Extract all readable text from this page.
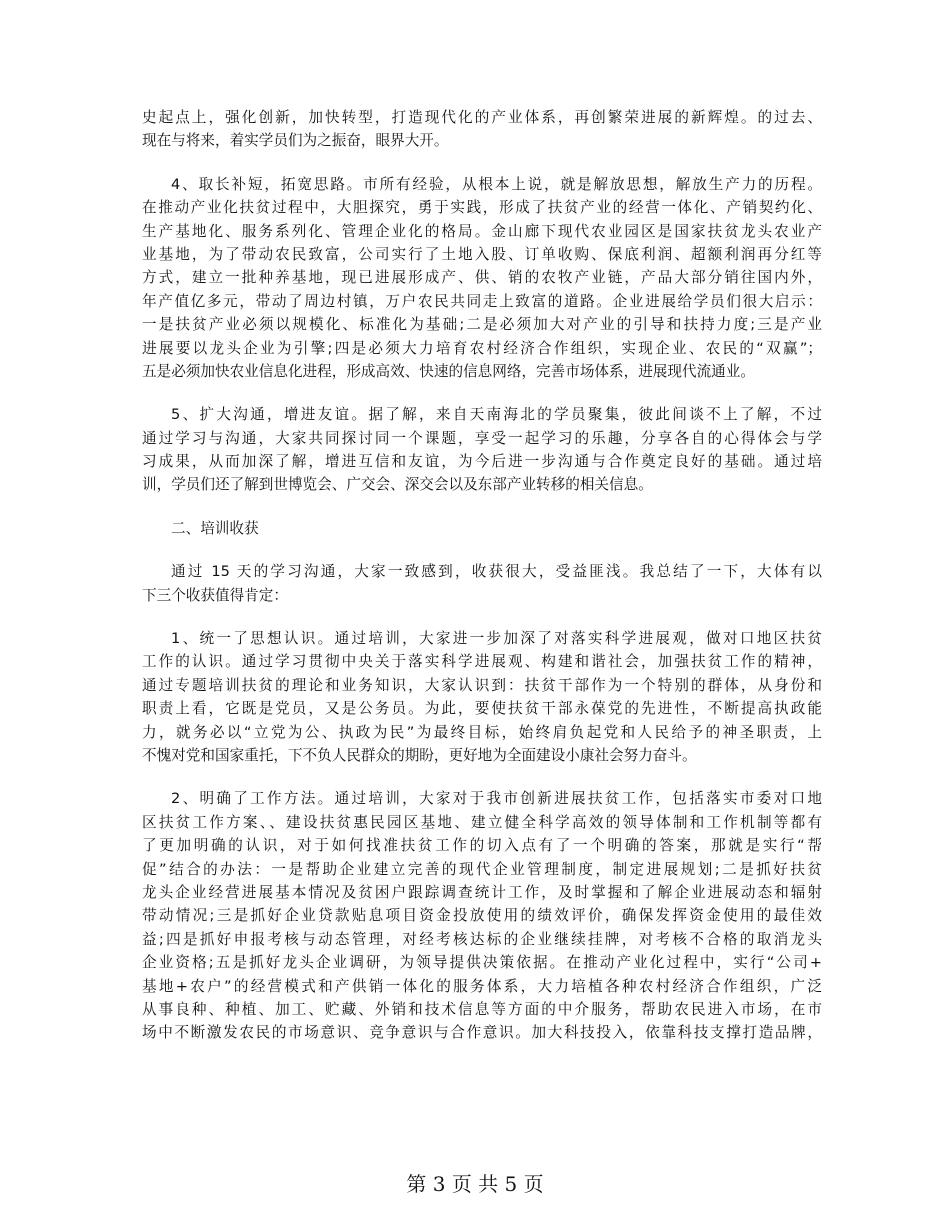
史起点上，强化创新，加快转型，打造现代化的产业体系，再创繁荣进展的新辉煌。的过去、
现在与将来，着实学员们为之振奋，眼界大开。
4、取长补短，拓宽思路。市所有经验，从根本上说，就是解放思想，解放生产力的历程。
在推动产业化扶贫过程中，大胆探究，勇于实践，形成了扶贫产业的经营一体化、产销契约化、
生产基地化、服务系列化、管理企业化的格局。金山廊下现代农业园区是国家扶贫龙头农业产
业基地，为了带动农民致富，公司实行了土地入股、订单收购、保底利润、超额利润再分红等
方式，建立一批种养基地，现已进展形成产、供、销的农牧产业链，产品大部分销往国内外，
年产值亿多元，带动了周边村镇，万户农民共同走上致富的道路。企业进展给学员们很大启示：
一是扶贫产业必须以规模化、标准化为基础;二是必须加大对产业的引导和扶持力度;三是产业
进展要以龙头企业为引擎;四是必须大力培育农村经济合作组织，实现企业、农民的“双赢”；
五是必须加快农业信息化进程，形成高效、快速的信息网络，完善市场体系，进展现代流通业。
5、扩大沟通，增进友谊。据了解，来自天南海北的学员聚集，彼此间谈不上了解，不过
通过学习与沟通，大家共同探讨同一个课题，享受一起学习的乐趣，分享各自的心得体会与学
习成果，从而加深了解，增进互信和友谊，为今后进一步沟通与合作奠定良好的基础。通过培
训，学员们还了解到世博览会、广交会、深交会以及东部产业转移的相关信息。
二、培训收获
通过 15 天的学习沟通，大家一致感到，收获很大，受益匪浅。我总结了一下，大体有以
下三个收获值得肯定：
1、统一了思想认识。通过培训，大家进一步加深了对落实科学进展观，做对口地区扶贫
工作的认识。通过学习贯彻中央关于落实科学进展观、构建和谐社会，加强扶贫工作的精神，
通过专题培训扶贫的理论和业务知识，大家认识到：扶贫干部作为一个特别的群体，从身份和
职责上看，它既是党员，又是公务员。为此，要使扶贫干部永葆党的先进性，不断提高执政能
力，就务必以“立党为公、执政为民”为最终目标，始终肩负起党和人民给予的神圣职责，上
不愧对党和国家重托，下不负人民群众的期盼，更好地为全面建设小康社会努力奋斗。
2、明确了工作方法。通过培训，大家对于我市创新进展扶贫工作，包括落实市委对口地
区扶贫工作方案、、建设扶贫惠民园区基地、建立健全科学高效的领导体制和工作机制等都有
了更加明确的认识，对于如何找准扶贫工作的切入点有了一个明确的答案，那就是实行“帮
促”结合的办法：一是帮助企业建立完善的现代企业管理制度，制定进展规划;二是抓好扶贫
龙头企业经营进展基本情况及贫困户跟踪调查统计工作，及时掌握和了解企业进展动态和辐射
带动情况;三是抓好企业贷款贴息项目资金投放使用的绩效评价，确保发挥资金使用的最佳效
益;四是抓好申报考核与动态管理，对经考核达标的企业继续挂牌，对考核不合格的取消龙头
企业资格;五是抓好龙头企业调研，为领导提供决策依据。在推动产业化过程中，实行“公司+
基地+农户”的经营模式和产供销一体化的服务体系，大力培植各种农村经济合作组织，广泛
从事良种、种植、加工、贮藏、外销和技术信息等方面的中介服务，帮助农民进入市场，在市
场中不断激发农民的市场意识、竞争意识与合作意识。加大科技投入，依靠科技支撑打造品牌，
第 3 页 共 5 页
